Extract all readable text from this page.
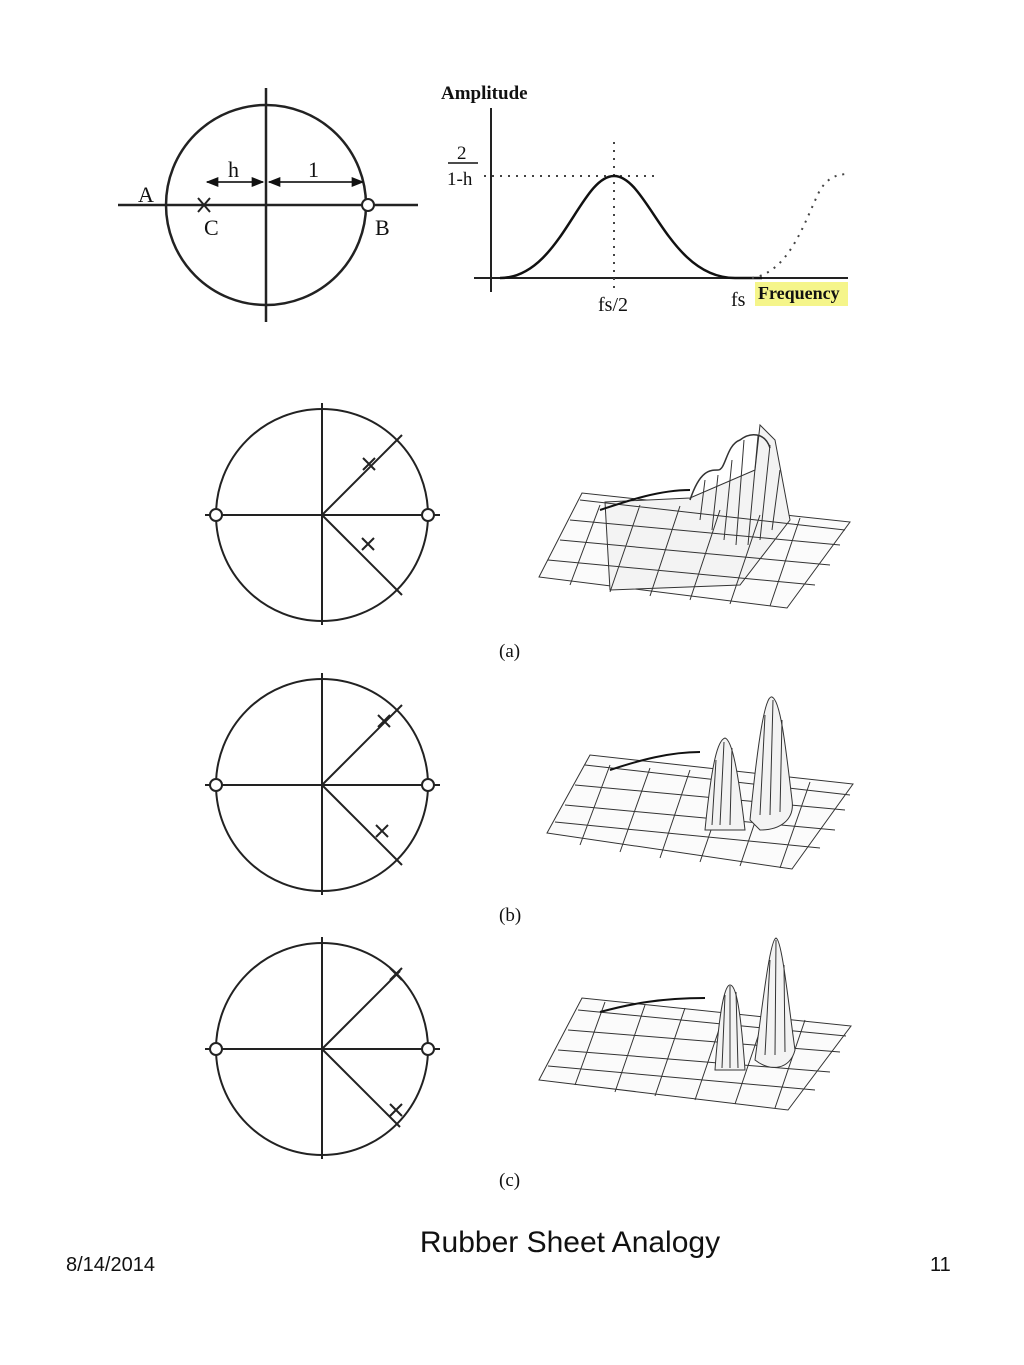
A
C	B
h	1
Amplitude
2
1-h
fs/2	fs Frequency
(a)
(b)
(c)
Rubber Sheet Analogy
8/14/2014	11
